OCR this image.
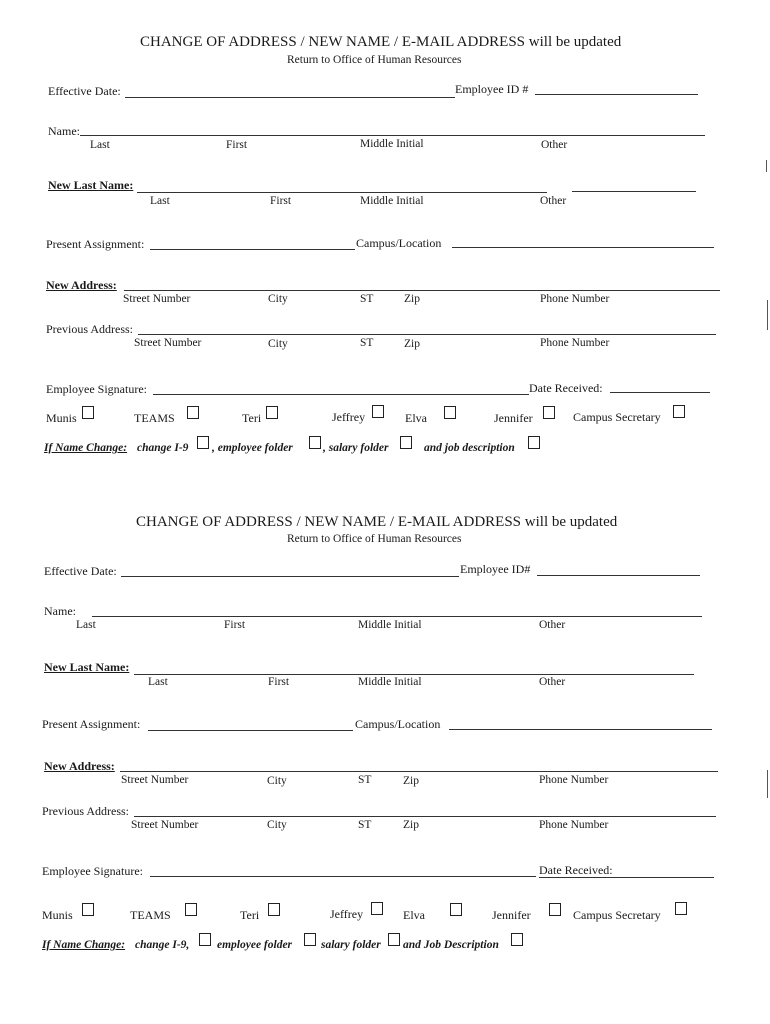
CHANGE OF ADDRESS / NEW NAME / E-MAIL ADDRESS will be updated
Return to Office of Human Resources
Effective Date:	Employee ID #
Name:
Last	First	Middle Initial	Other
New Last Name:
Last	First	Middle Initial	Other
Present Assignment:	Campus/Location
New Address:
Street Number	City	ST	Zip	Phone Number
Previous Address:
Street Number	City	ST	Zip	Phone Number
Employee Signature:	Date Received:
Munis	TEAMS	Teri	Jeffrey	Elva	Jennifer	Campus Secretary
If Name Change: change I-9 , employee folder	, salary folder	and job description
CHANGE OF ADDRESS / NEW NAME / E-MAIL ADDRESS will be updated
Return to Office of Human Resources
Effective Date:	Employee ID#
Name:
Last	First	Middle Initial	Other
New Last Name:
Last	First	Middle Initial	Other
Present Assignment:	Campus/Location
New Address:
Street Number	City	ST	Zip	Phone Number
Previous Address:
Street Number	City	ST	Zip	Phone Number
Employee Signature:	Date Received:
Munis	TEAMS	Teri	Jeffrey	Elva	Jennifer	Campus Secretary
If Name Change: change I-9, employee folder	salary folder and Job Description
